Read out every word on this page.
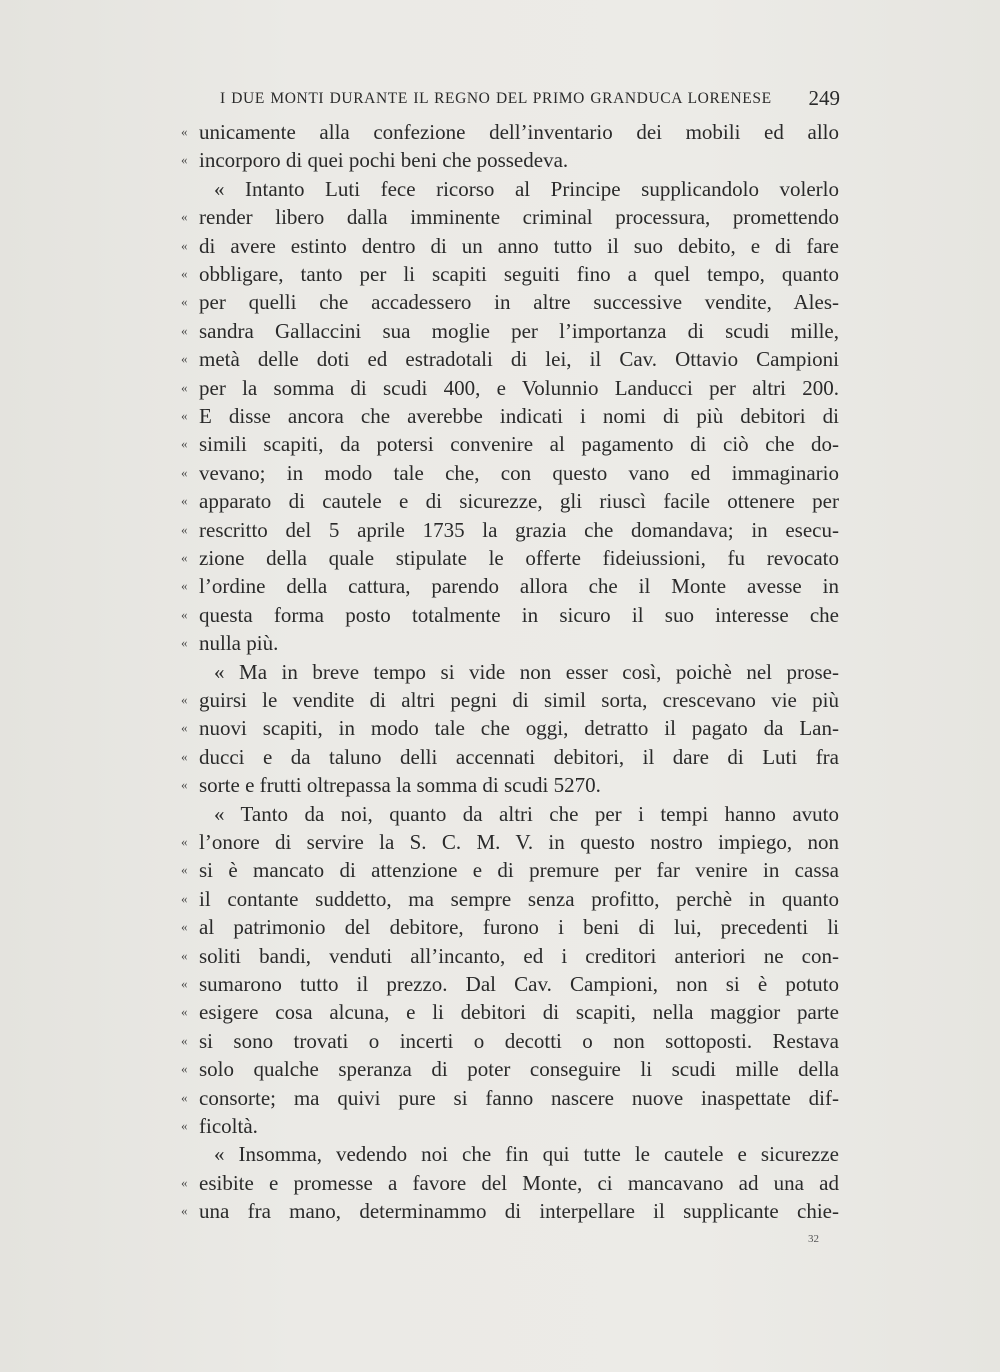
I DUE MONTI DURANTE IL REGNO DEL PRIMO GRANDUCA LORENESE 249
« unicamente alla confezione dell’inventario dei mobili ed allo
« incorporo di quei pochi beni che possedeva.
« Intanto Luti fece ricorso al Principe supplicandolo volerlo
« render libero dalla imminente criminal processura, promettendo
« di avere estinto dentro di un anno tutto il suo debito, e di fare
« obbligare, tanto per li scapiti seguiti fino a quel tempo, quanto
« per quelli che accadessero in altre successive vendite, Ales-
« sandra Gallaccini sua moglie per l’importanza di scudi mille,
« metà delle doti ed estradotali di lei, il Cav. Ottavio Campioni
« per la somma di scudi 400, e Volunnio Landucci per altri 200.
« E disse ancora che averebbe indicati i nomi di più debitori di
« simili scapiti, da potersi convenire al pagamento di ciò che do-
« vevano; in modo tale che, con questo vano ed immaginario
« apparato di cautele e di sicurezze, gli riuscì facile ottenere per
« rescritto del 5 aprile 1735 la grazia che domandava; in esecu-
« zione della quale stipulate le offerte fideiussioni, fu revocato
« l’ordine della cattura, parendo allora che il Monte avesse in
« questa forma posto totalmente in sicuro il suo interesse che
« nulla più.
« Ma in breve tempo si vide non esser così, poichè nel prose-
« guirsi le vendite di altri pegni di simil sorta, crescevano vie più
« nuovi scapiti, in modo tale che oggi, detratto il pagato da Lan-
« ducci e da taluno delli accennati debitori, il dare di Luti fra
« sorte e frutti oltrepassa la somma di scudi 5270.
« Tanto da noi, quanto da altri che per i tempi hanno avuto
« l’onore di servire la S. C. M. V. in questo nostro impiego, non
« si è mancato di attenzione e di premure per far venire in cassa
« il contante suddetto, ma sempre senza profitto, perchè in quanto
« al patrimonio del debitore, furono i beni di lui, precedenti li
« soliti bandi, venduti all’incanto, ed i creditori anteriori ne con-
« sumarono tutto il prezzo. Dal Cav. Campioni, non si è potuto
« esigere cosa alcuna, e li debitori di scapiti, nella maggior parte
« si sono trovati o incerti o decotti o non sottoposti. Restava
« solo qualche speranza di poter conseguire li scudi mille della
« consorte; ma quivi pure si fanno nascere nuove inaspettate dif-
« ficoltà.
« Insomma, vedendo noi che fin qui tutte le cautele e sicurezze
« esibite e promesse a favore del Monte, ci mancavano ad una ad
« una fra mano, determinammo di interpellare il supplicante chie-
32
